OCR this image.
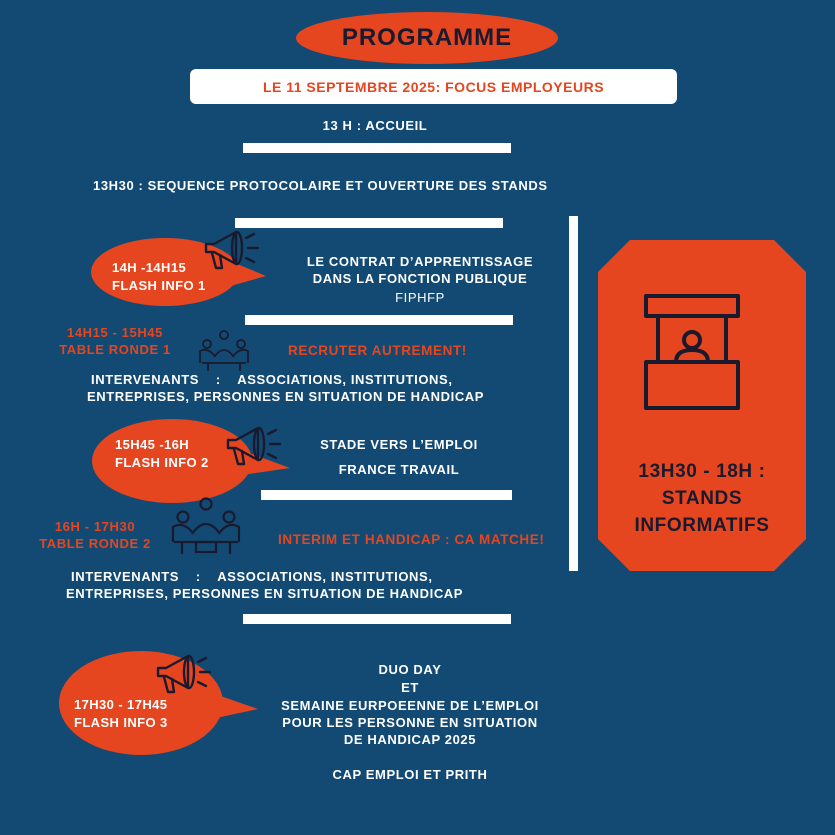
PROGRAMME
LE 11 SEPTEMBRE 2025: FOCUS EMPLOYEURS
13 H : ACCUEIL
13H30 : SEQUENCE PROTOCOLAIRE ET OUVERTURE DES STANDS
14H -14H15
FLASH INFO 1
LE CONTRAT D’APPRENTISSAGE
DANS LA FONCTION PUBLIQUE
FIPHFP
14H15 - 15H45
TABLE RONDE 1	RECRUTER AUTREMENT!
INTERVENANTS    :    ASSOCIATIONS, INSTITUTIONS,
ENTREPRISES, PERSONNES EN SITUATION DE HANDICAP
15H45 -16H
FLASH INFO 2
STADE VERS L’EMPLOI
FRANCE TRAVAIL
16H - 17H30
TABLE RONDE 2	INTERIM ET HANDICAP : CA MATCHE!
INTERVENANTS    :    ASSOCIATIONS, INSTITUTIONS,
ENTREPRISES, PERSONNES EN SITUATION DE HANDICAP
17H30 - 17H45
FLASH INFO 3
DUO DAY
ET
SEMAINE EURPOEENNE DE L’EMPLOI
POUR LES PERSONNE EN SITUATION
DE HANDICAP 2025
CAP EMPLOI ET PRITH
13H30 - 18H :
STANDS
INFORMATIFS
